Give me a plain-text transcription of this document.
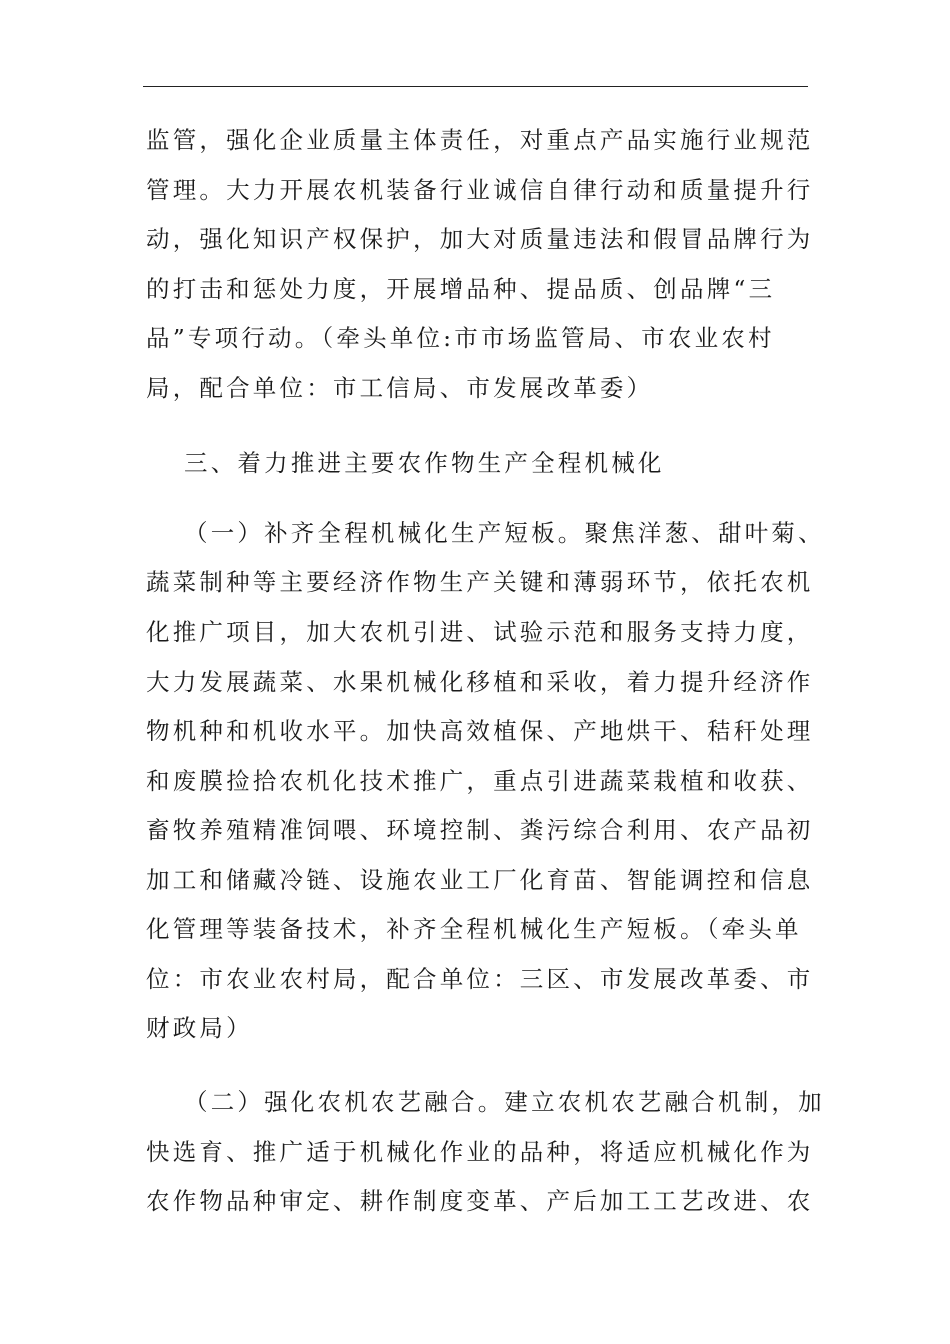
监管，强化企业质量主体责任，对重点产品实施行业规范
管理。大力开展农机装备行业诚信自律行动和质量提升行
动，强化知识产权保护，加大对质量违法和假冒品牌行为
的打击和惩处力度，开展增品种、提品质、创品牌“三
品”专项行动。（牵头单位:市市场监管局、市农业农村
局，配合单位：市工信局、市发展改革委）
三、着力推进主要农作物生产全程机械化
（一）补齐全程机械化生产短板。聚焦洋葱、甜叶菊、
蔬菜制种等主要经济作物生产关键和薄弱环节，依托农机
化推广项目，加大农机引进、试验示范和服务支持力度，
大力发展蔬菜、水果机械化移植和采收，着力提升经济作
物机种和机收水平。加快高效植保、产地烘干、秸秆处理
和废膜捡拾农机化技术推广，重点引进蔬菜栽植和收获、
畜牧养殖精准饲喂、环境控制、粪污综合利用、农产品初
加工和储藏冷链、设施农业工厂化育苗、智能调控和信息
化管理等装备技术，补齐全程机械化生产短板。（牵头单
位：市农业农村局，配合单位：三区、市发展改革委、市
财政局）
（二）强化农机农艺融合。建立农机农艺融合机制，加
快选育、推广适于机械化作业的品种，将适应机械化作为
农作物品种审定、耕作制度变革、产后加工工艺改进、农
